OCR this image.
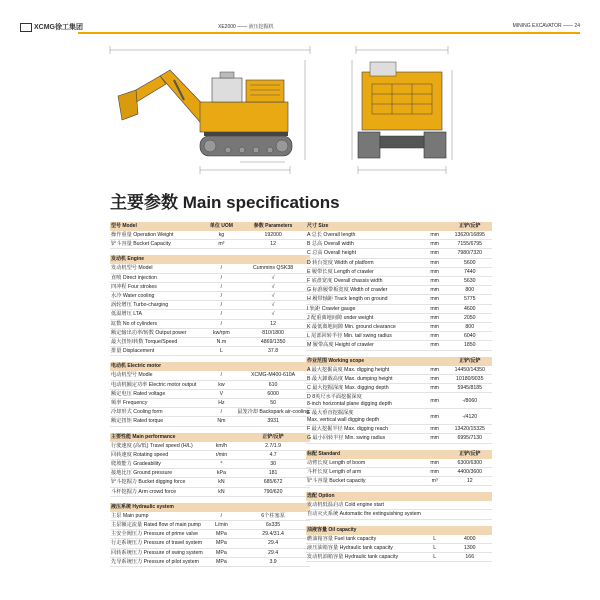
XCMG徐工集团	XE2000 —— 液压挖掘机	MINING EXCAVATOR —— 24
主要参数 Main specifications
型号 Model	单位 UOM	参数 Parameters
操作重量 Operation Weight	kg	192000
铲斗容量 Bucket Capacity	m³	12

发动机 Engine		
发动机型号 Model	/	Cummins QSK38
直喷 Direct injection	/	√
四冲程 Four strokes	/	√
水冷 Water cooling	/	√
涡轮增压 Turbo-charging	/	√
低温增压 LTA	/	√
缸数 No of cylinders	/	12
额定输出功率/转数 Output power	kw/rpm	810/1800
最大扭矩/转数 Torque/Speed	N.m	4869/1350
排量 Displacement	L	37.8

电动机 Electric motor		
电动机型号 Modle	/	XCMG-M400-610A
电动机额定功率 Electric motor output	kw	610
额定电压 Rated voltage	V	6000
频率 Frequency	Hz	50
冷却形式 Cooling form	/	鼠笼冷却 Backspark air-cooling
额定扭矩 Rated torque	Nm	3931

主要性能 Main performance		正铲/反铲
行驶速度 (高/低) Travel speed (H/L)	km/h	2.7/1.9
回转速度 Rotating speed	r/min	4.7
爬坡能力 Gradeability	°	30
接地比压 Ground pressure	kPa	181
铲斗挖掘力 Bucket digging force	kN	685/672
斗杆挖掘力 Arm crowd force	kN	790/620

液压系统 Hydraulic system		
主泵 Main pump	/	6个柱塞泵
主泵额定流量 Rated flow of main pump	L/min	6x335
主安全阀压力 Pressure of prime valve	MPa	29.4/31.4
行走系统压力 Pressure of travel system	MPa	29.4
回转系统压力 Pressure of swing system	MPa	29.4
先导系统压力 Pressure of pilot system	MPa	3.9
尺寸 Size		正铲/反铲
A 总长 Overall length	mm	13620/16895
B 总高 Overall width	mm	7155/6795
C 总高 Overall height	mm	7980/7320
D 转台宽度 Width of platform	mm	5600
E 履带长度 Length of crawler	mm	7440
F 底盘宽度 Overall chassis width	mm	5630
G 标准履带板宽度 Width of crawler	mm	800
H 履带轴距 Track length on ground	mm	5775
I 轨距 Crawler gauge	mm	4600
J 配重离地间隙 under weight	mm	2050
K 最低离地间隙 Min. ground clearance	mm	800
L 尾部回转半径 Min. tail swing radius	mm	6040
M 履带高度 Height of crawler	mm	1850

作业范围 Working scope		正铲/反铲
A 最大挖掘高度 Max. digging height	mm	14450/14350
B 最大卸载高度 Max. dumping height	mm	10180/9035
C 最大挖掘深度 Max. digging depth	mm	5945/8185
D 8英尺水平面挖掘深度
8-inch horizontal plane digging depth	mm	-/8060
E 最大垂直挖掘深度
Max. vertical wall digging depth	mm	-/4120
F 最大挖掘半径 Max. digging reach	mm	13420/15325
G 最小回转半径 Min. swing radius	mm	6995/7130

标配 Standard		正铲/反铲
动臂长度 Length of boom	mm	6300/6300
斗杆长度 Length of arm	mm	4400/3600
铲斗容量 Bucket capacity	m³	12

选配 Option		
发动机低温启动 Cold engine start		
自动灭火系统 Automatic fire extinguishing system		

油液容量 Oil capacity		
燃油箱容量 Fuel tank capacity	L	4000
液压油箱容量 Hydraulic tank capacity	L	1300
发动机油箱容量 Hydraulic tank capacity	L	166
